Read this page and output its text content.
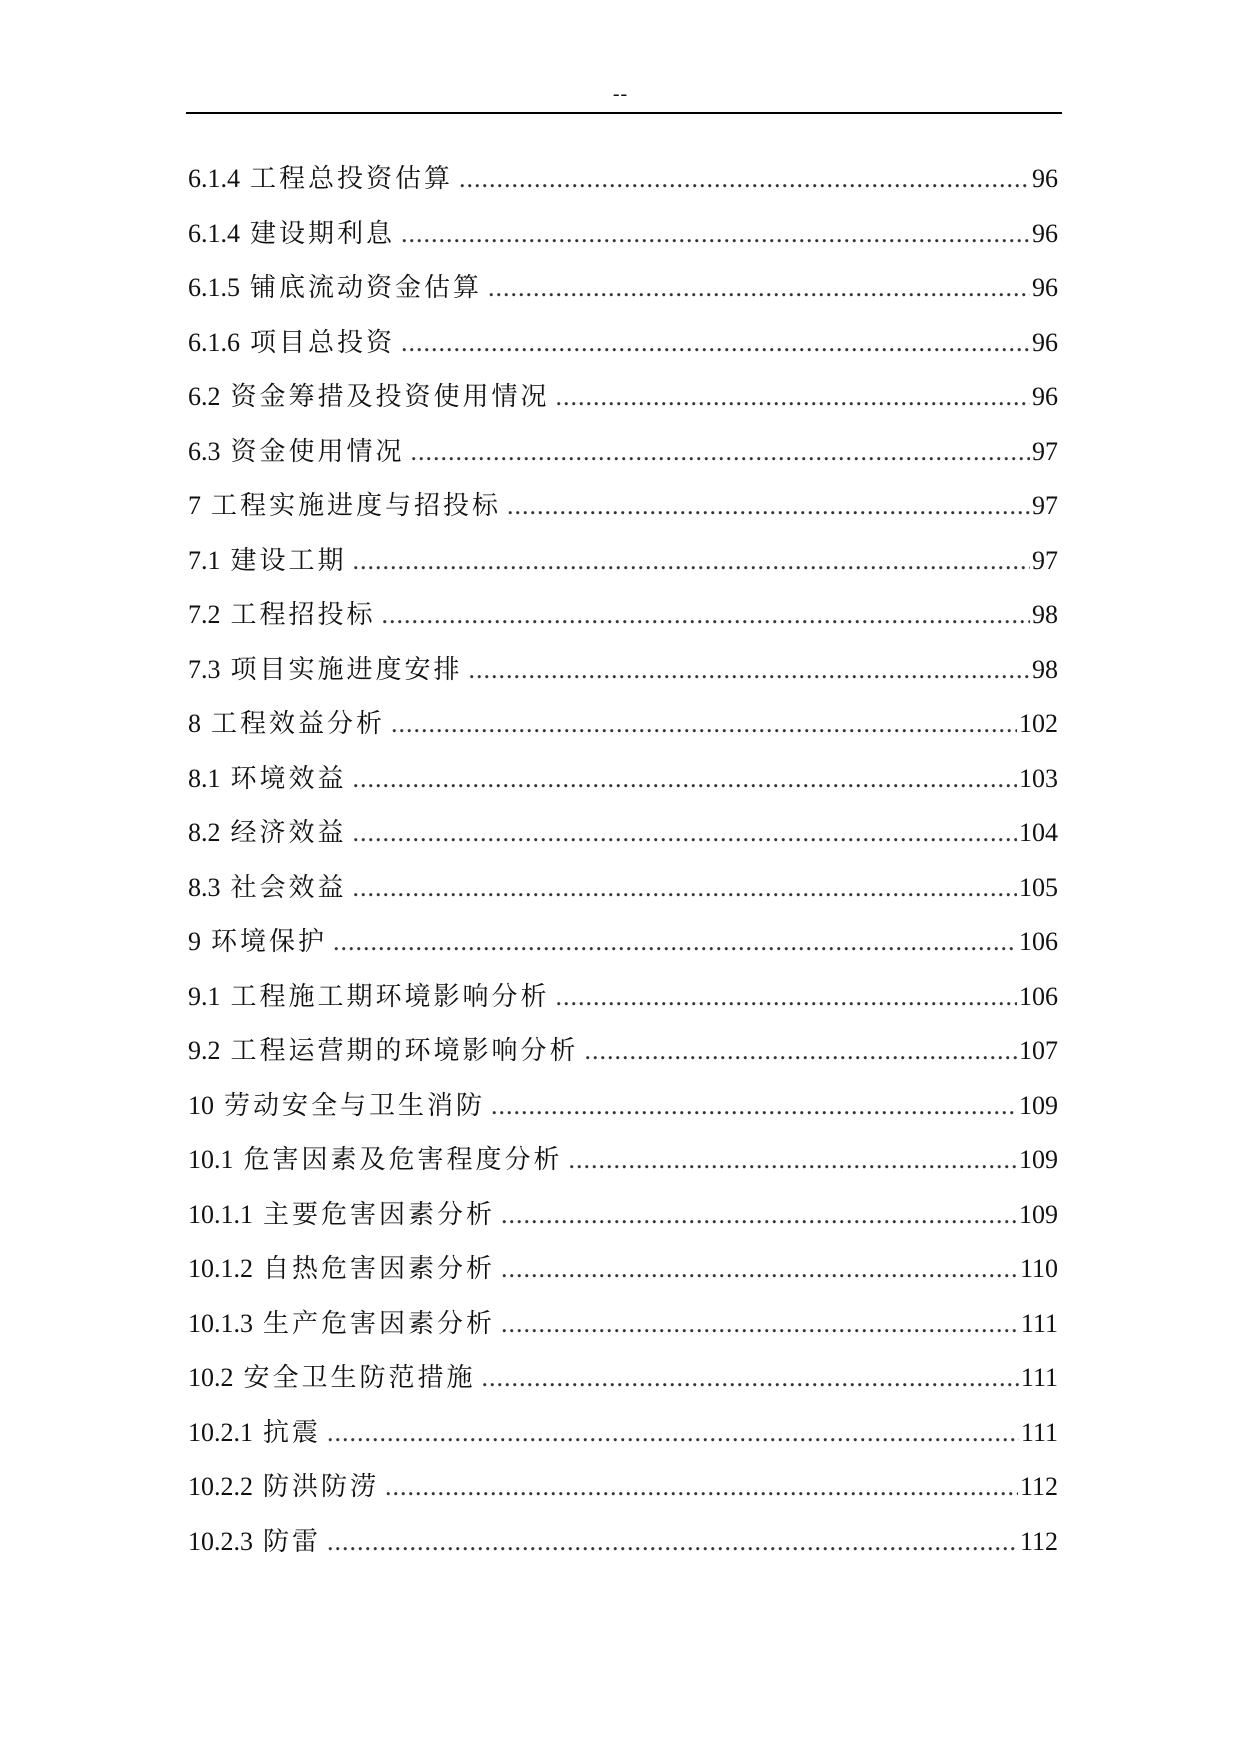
--
6.1.4 工程总投资估算 .....	96
6.1.4 建设期利息 .....	96
6.1.5 铺底流动资金估算 .....	96
6.1.6 项目总投资 .....	96
6.2 资金筹措及投资使用情况 .....	96
6.3 资金使用情况 .....	97
7 工程实施进度与招投标 .....	97
7.1 建设工期 .....	97
7.2 工程招投标 .....	98
7.3 项目实施进度安排 .....	98
8 工程效益分析 .....	102
8.1 环境效益 .....	103
8.2 经济效益 .....	104
8.3 社会效益 .....	105
9 环境保护 .....	106
9.1 工程施工期环境影响分析 .....	106
9.2 工程运营期的环境影响分析 .....	107
10 劳动安全与卫生消防 .....	109
10.1 危害因素及危害程度分析 .....	109
10.1.1 主要危害因素分析 .....	109
10.1.2 自热危害因素分析 .....	110
10.1.3 生产危害因素分析 .....	111
10.2 安全卫生防范措施 .....	111
10.2.1 抗震 .....	111
10.2.2 防洪防涝 .....	112
10.2.3 防雷 .....	112
